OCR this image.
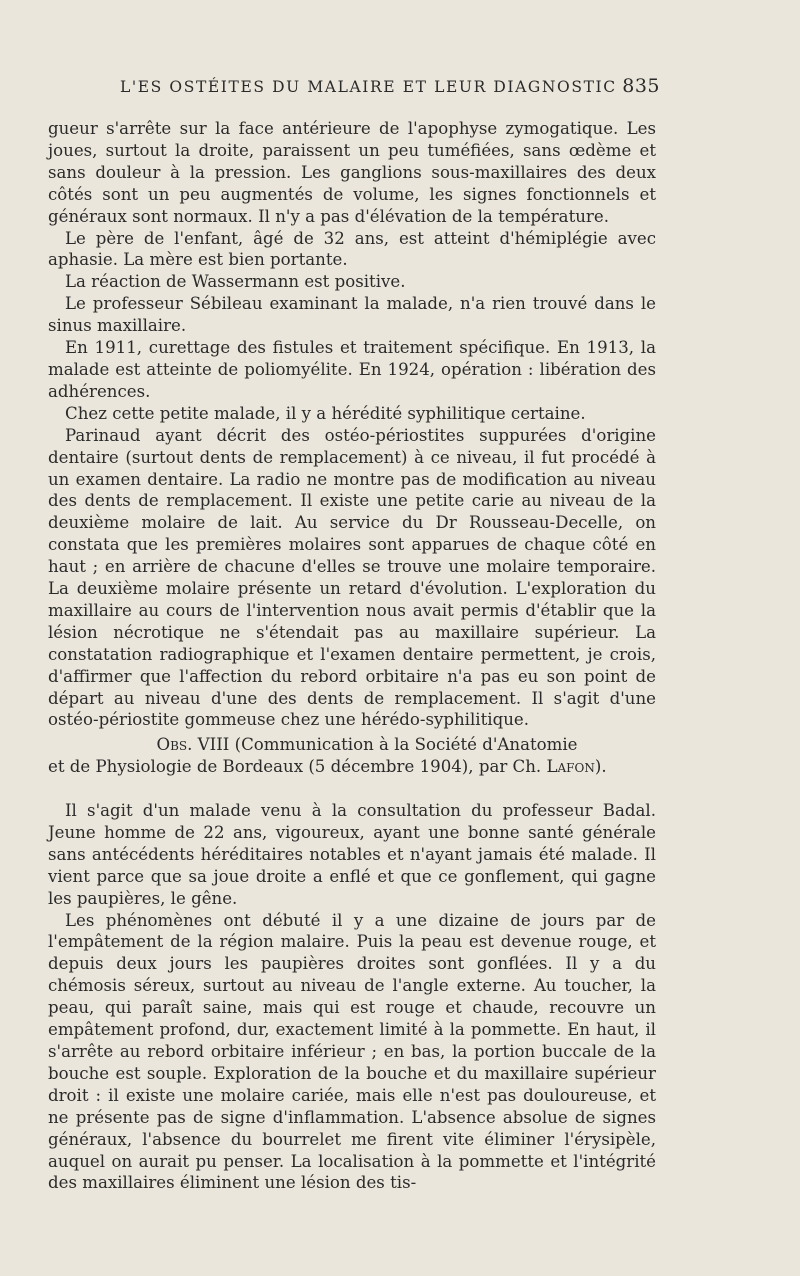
L'ES OSTÉITES DU MALAIRE ET LEUR DIAGNOSTIC 835

gueur s'arrête sur la face antérieure de l'apophyse zymogatique. Les joues, surtout la droite, paraissent un peu tuméfiées, sans œdème et sans douleur à la pression. Les ganglions sous-maxillaires des deux côtés sont un peu augmentés de volume, les signes fonctionnels et généraux sont normaux. Il n'y a pas d'élévation de la température.

Le père de l'enfant, âgé de 32 ans, est atteint d'hémiplégie avec aphasie. La mère est bien portante.

La réaction de Wassermann est positive.

Le professeur Sébileau examinant la malade, n'a rien trouvé dans le sinus maxillaire.

En 1911, curettage des fistules et traitement spécifique. En 1913, la malade est atteinte de poliomyélite. En 1924, opération : libération des adhérences.

Chez cette petite malade, il y a hérédité syphilitique certaine.

Parinaud ayant décrit des ostéo-périostites suppurées d'origine dentaire (surtout dents de remplacement) à ce niveau, il fut procédé à un examen dentaire. La radio ne montre pas de modification au niveau des dents de remplacement. Il existe une petite carie au niveau de la deuxième molaire de lait. Au service du Dr Rousseau-Decelle, on constata que les premières molaires sont apparues de chaque côté en haut ; en arrière de chacune d'elles se trouve une molaire temporaire. La deuxième molaire présente un retard d'évolution. L'exploration du maxillaire au cours de l'intervention nous avait permis d'établir que la lésion nécrotique ne s'étendait pas au maxillaire supérieur. La constatation radiographique et l'examen dentaire permettent, je crois, d'affirmer que l'affection du rebord orbitaire n'a pas eu son point de départ au niveau d'une des dents de remplacement. Il s'agit d'une ostéo-périostite gommeuse chez une hérédo-syphilitique.

Obs. VIII (Communication à la Société d'Anatomie
et de Physiologie de Bordeaux (5 décembre 1904), par Ch. Lafon).

Il s'agit d'un malade venu à la consultation du professeur Badal. Jeune homme de 22 ans, vigoureux, ayant une bonne santé générale sans antécédents héréditaires notables et n'ayant jamais été malade. Il vient parce que sa joue droite a enflé et que ce gonflement, qui gagne les paupières, le gêne.

Les phénomènes ont débuté il y a une dizaine de jours par de l'empâtement de la région malaire. Puis la peau est devenue rouge, et depuis deux jours les paupières droites sont gonflées. Il y a du chémosis séreux, surtout au niveau de l'angle externe. Au toucher, la peau, qui paraît saine, mais qui est rouge et chaude, recouvre un empâtement profond, dur, exactement limité à la pommette. En haut, il s'arrête au rebord orbitaire inférieur ; en bas, la portion buccale de la bouche est souple. Exploration de la bouche et du maxillaire supérieur droit : il existe une molaire cariée, mais elle n'est pas douloureuse, et ne présente pas de signe d'inflammation. L'absence absolue de signes généraux, l'absence du bourrelet me firent vite éliminer l'érysipèle, auquel on aurait pu penser. La localisation à la pommette et l'intégrité des maxillaires éliminent une lésion des tis-
